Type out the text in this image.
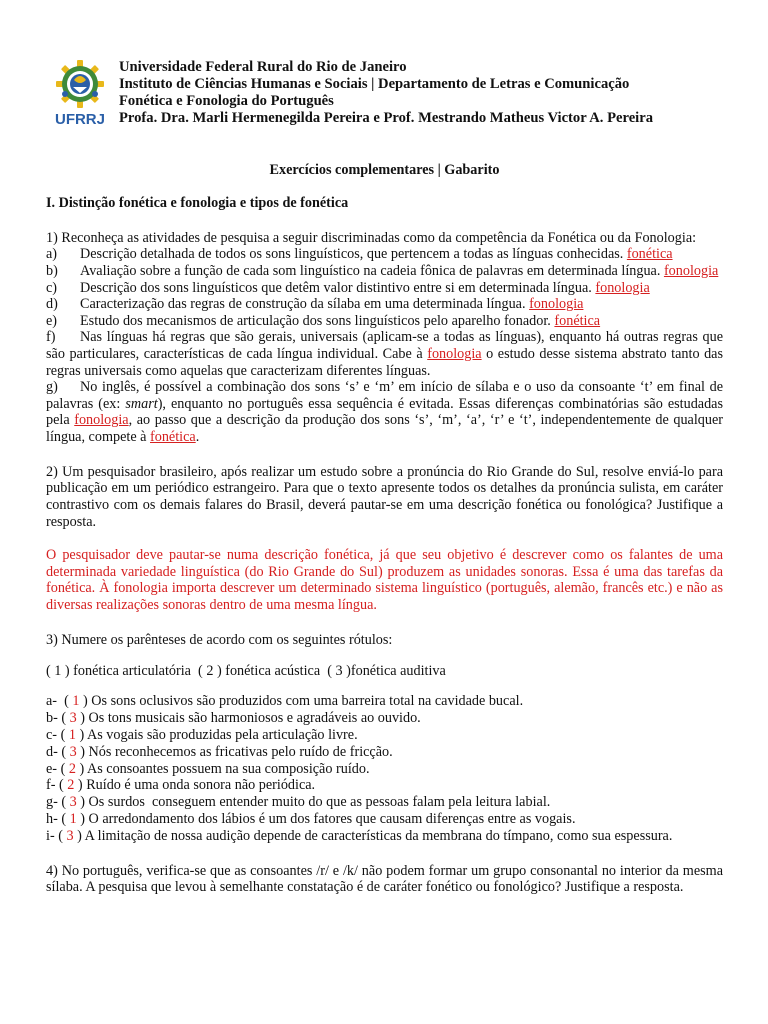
UFRRJ
Universidade Federal Rural do Rio de Janeiro
Instituto de Ciências Humanas e Sociais | Departamento de Letras e Comunicação
Fonética e Fonologia do Português
Profa. Dra. Marli Hermenegilda Pereira e Prof. Mestrando Matheus Victor A. Pereira
Exercícios complementares | Gabarito
I. Distinção fonética e fonologia e tipos de fonética
1) Reconheça as atividades de pesquisa a seguir discriminadas como da competência da Fonética ou da Fonologia:
a) Descrição detalhada de todos os sons linguísticos, que pertencem a todas as línguas conhecidas. fonética
b) Avaliação sobre a função de cada som linguístico na cadeia fônica de palavras em determinada língua. fonologia
c) Descrição dos sons linguísticos que detêm valor distintivo entre si em determinada língua. fonologia
d) Caracterização das regras de construção da sílaba em uma determinada língua. fonologia
e) Estudo dos mecanismos de articulação dos sons linguísticos pelo aparelho fonador. fonética
f) Nas línguas há regras que são gerais, universais (aplicam-se a todas as línguas), enquanto há outras regras que são particulares, características de cada língua individual. Cabe à fonologia o estudo desse sistema abstrato tanto das regras universais como aquelas que caracterizam diferentes línguas.
g) No inglês, é possível a combinação dos sons ‘s’ e ‘m’ em início de sílaba e o uso da consoante ‘t’ em final de palavras (ex: smart), enquanto no português essa sequência é evitada. Essas diferenças combinatórias são estudadas pela fonologia, ao passo que a descrição da produção dos sons ‘s’, ‘m’, ‘a’, ‘r’ e ‘t’, independentemente de qualquer língua, compete à fonética.
2) Um pesquisador brasileiro, após realizar um estudo sobre a pronúncia do Rio Grande do Sul, resolve enviá-lo para publicação em um periódico estrangeiro. Para que o texto apresente todos os detalhes da pronúncia sulista, em caráter contrastivo com os demais falares do Brasil, deverá pautar-se em uma descrição fonética ou fonológica? Justifique a resposta.
O pesquisador deve pautar-se numa descrição fonética, já que seu objetivo é descrever como os falantes de uma determinada variedade linguística (do Rio Grande do Sul) produzem as unidades sonoras. Essa é uma das tarefas da fonética. À fonologia importa descrever um determinado sistema linguístico (português, alemão, francês etc.) e não as diversas realizações sonoras dentro de uma mesma língua.
3) Numere os parênteses de acordo com os seguintes rótulos:
( 1 ) fonética articulatória  ( 2 ) fonética acústica  ( 3 )fonética auditiva
a-  ( 1 ) Os sons oclusivos são produzidos com uma barreira total na cavidade bucal.
b- ( 3 ) Os tons musicais são harmoniosos e agradáveis ao ouvido.
c- ( 1 ) As vogais são produzidas pela articulação livre.
d- ( 3 ) Nós reconhecemos as fricativas pelo ruído de fricção.
e- ( 2 ) As consoantes possuem na sua composição ruído.
f- ( 2 ) Ruído é uma onda sonora não periódica.
g- ( 3 ) Os surdos  conseguem entender muito do que as pessoas falam pela leitura labial.
h- ( 1 ) O arredondamento dos lábios é um dos fatores que causam diferenças entre as vogais.
i- ( 3 ) A limitação de nossa audição depende de características da membrana do tímpano, como sua espessura.
4) No português, verifica-se que as consoantes /r/ e /k/ não podem formar um grupo consonantal no interior da mesma sílaba. A pesquisa que levou à semelhante constatação é de caráter fonético ou fonológico? Justifique a resposta.
